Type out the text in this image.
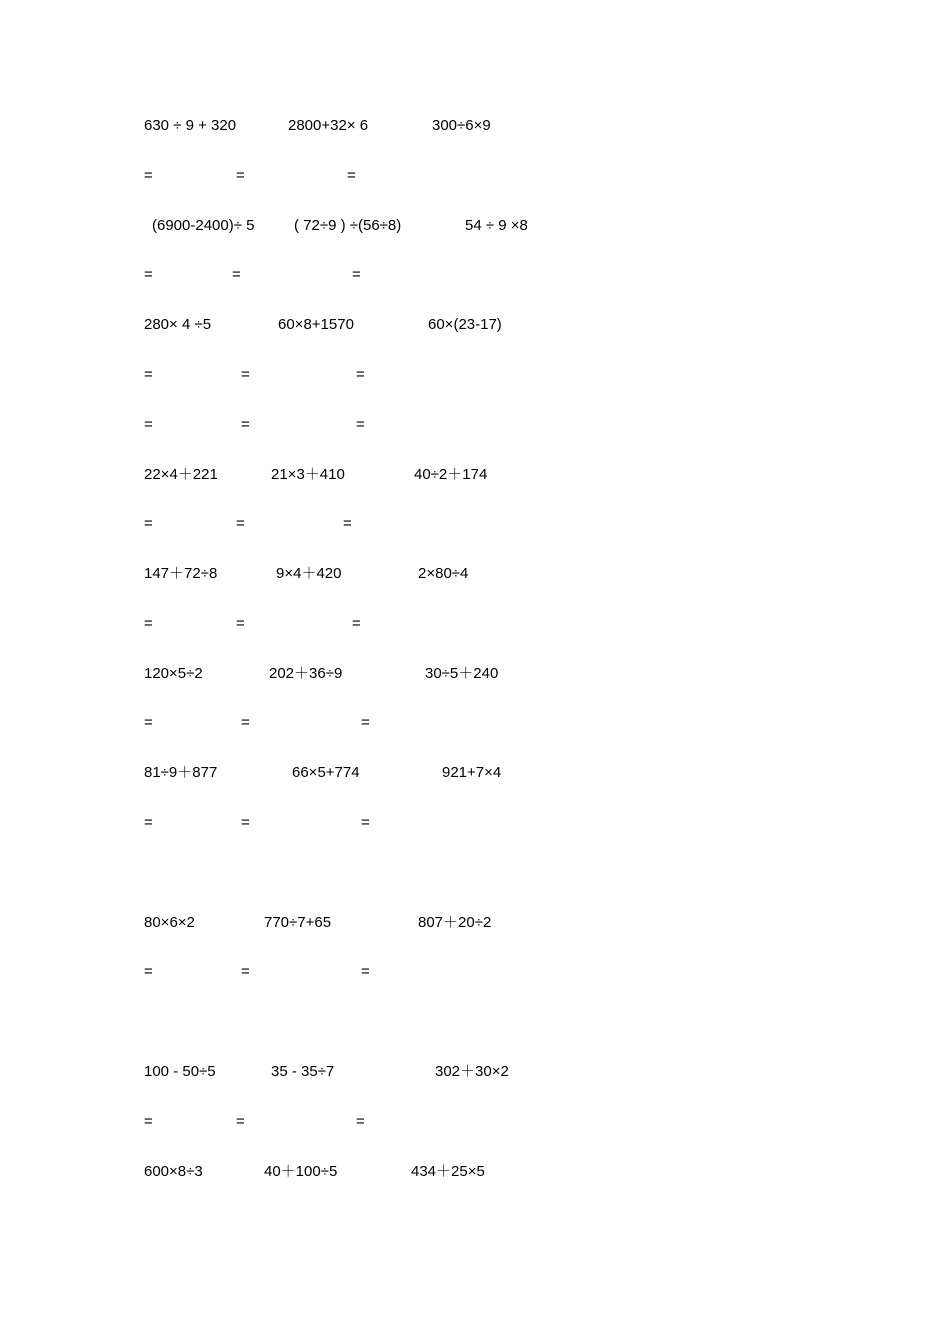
630 ÷ 9 + 320	2800+32× 6	300÷6×9
=	=	=
(6900-2400)÷ 5	( 72÷9 ) ÷(56÷8)	54 ÷ 9 ×8
=	=	=
280× 4 ÷5	60×8+1570	60×(23-17)
=	=	=
=	=	=
22×4＋221	21×3＋410	40÷2＋174
=	=	=
147＋72÷8	9×4＋420	2×80÷4
=	=	=
120×5÷2	202＋36÷9	30÷5＋240
=	=	=
81÷9＋877	66×5+774	921+7×4
=	=	=
80×6×2	770÷7+65	807＋20÷2
=	=	=
100 - 50÷5	35 - 35÷7	302＋30×2
=	=	=
600×8÷3	40＋100÷5	434＋25×5
